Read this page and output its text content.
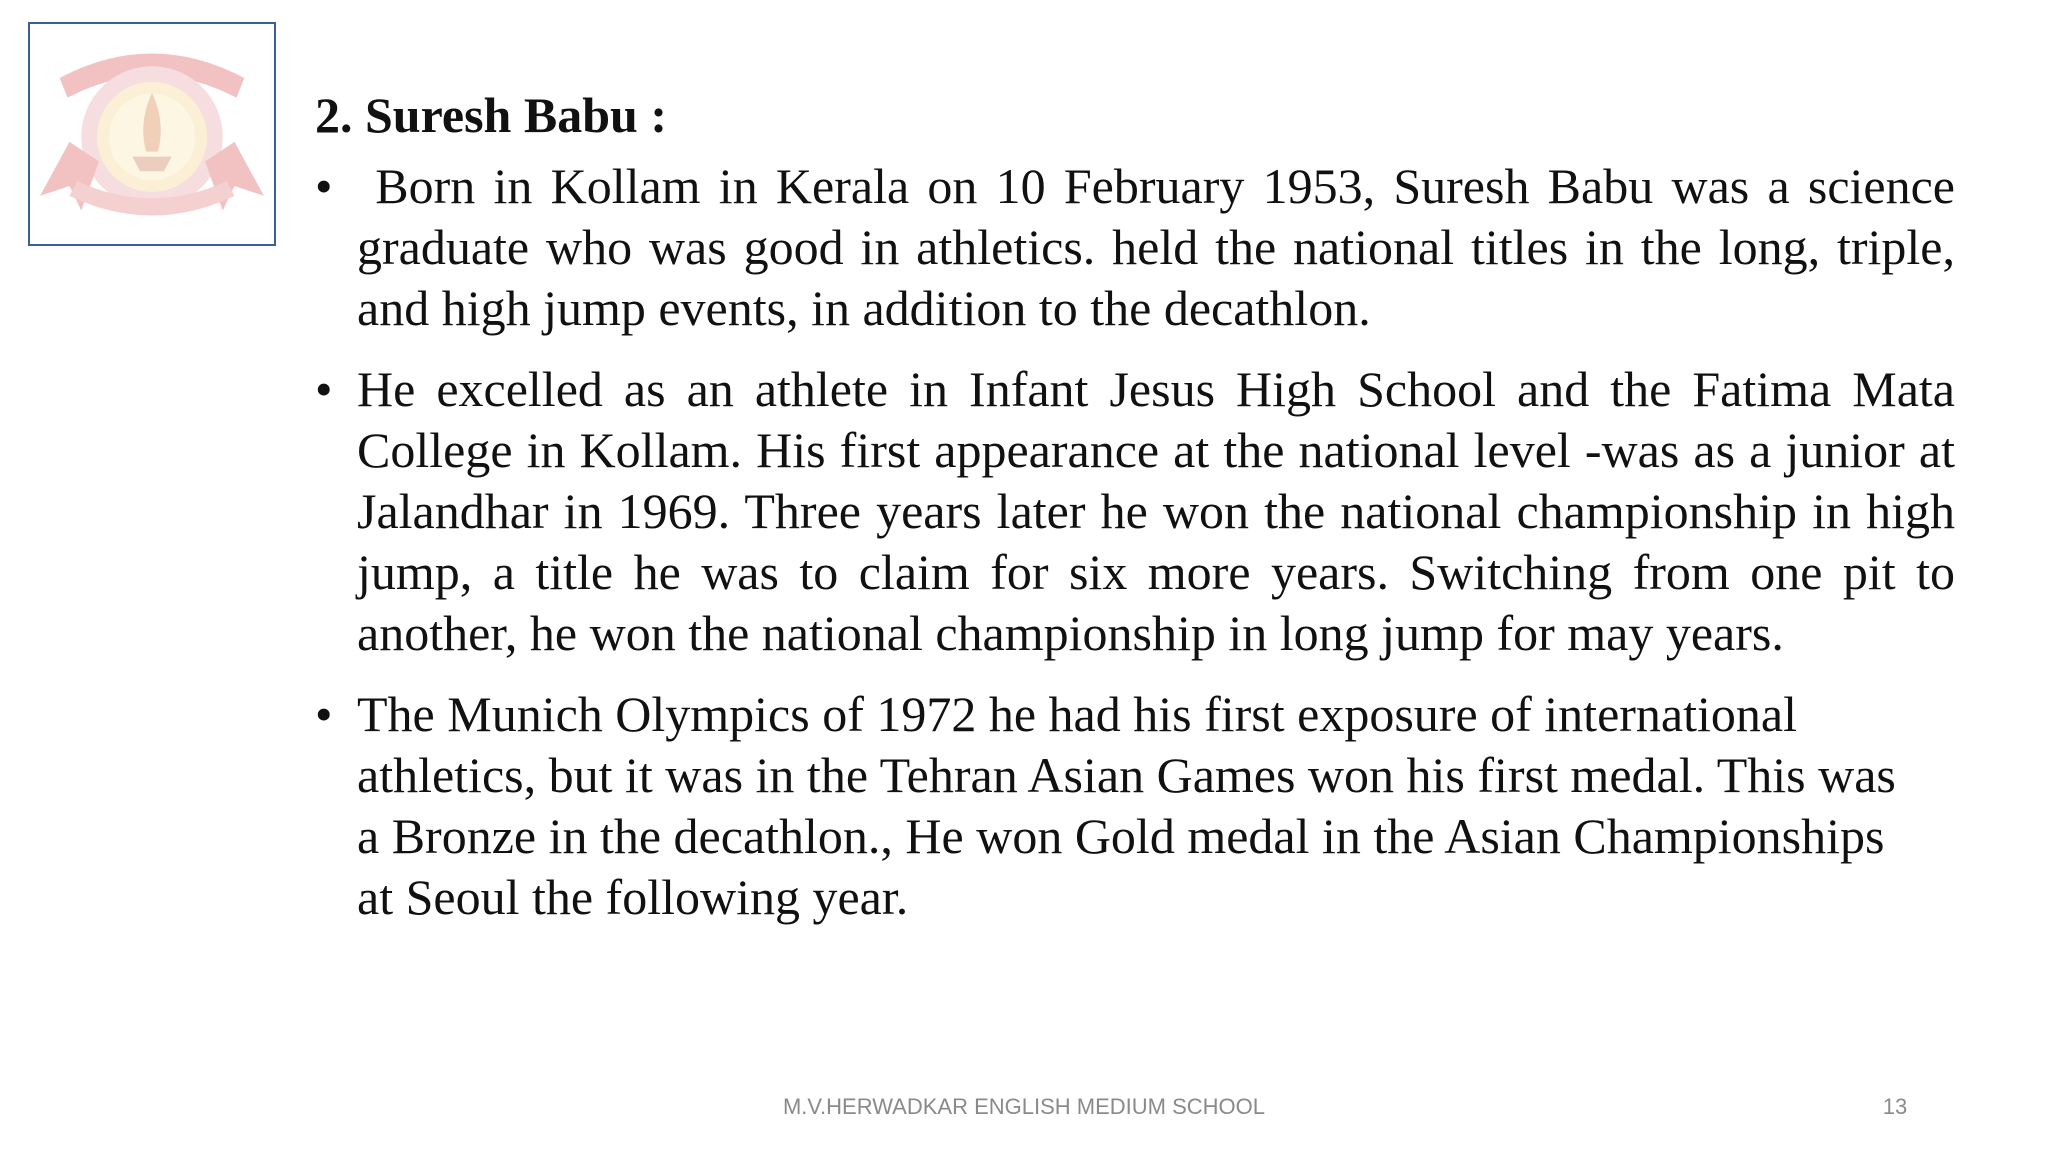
2. Suresh Babu :
• Born in Kollam in Kerala on 10 February 1953, Suresh Babu was a science graduate who was good in athletics. held the national titles in the long, triple, and high jump events, in addition to the decathlon.
• He excelled as an athlete in Infant Jesus High School and the Fatima Mata College in Kollam. His first appearance at the national level -was as a junior at Jalandhar in 1969. Three years later he won the national championship in high jump, a title he was to claim for six more years. Switching from one pit to another, he won the national championship in long jump for may years.
• The Munich Olympics of 1972 he had his first exposure of international athletics, but it was in the Tehran Asian Games won his first medal. This was a Bronze in the decathlon., He won Gold medal in the Asian Championships at Seoul the following year.
M.V.HERWADKAR ENGLISH MEDIUM SCHOOL	13
